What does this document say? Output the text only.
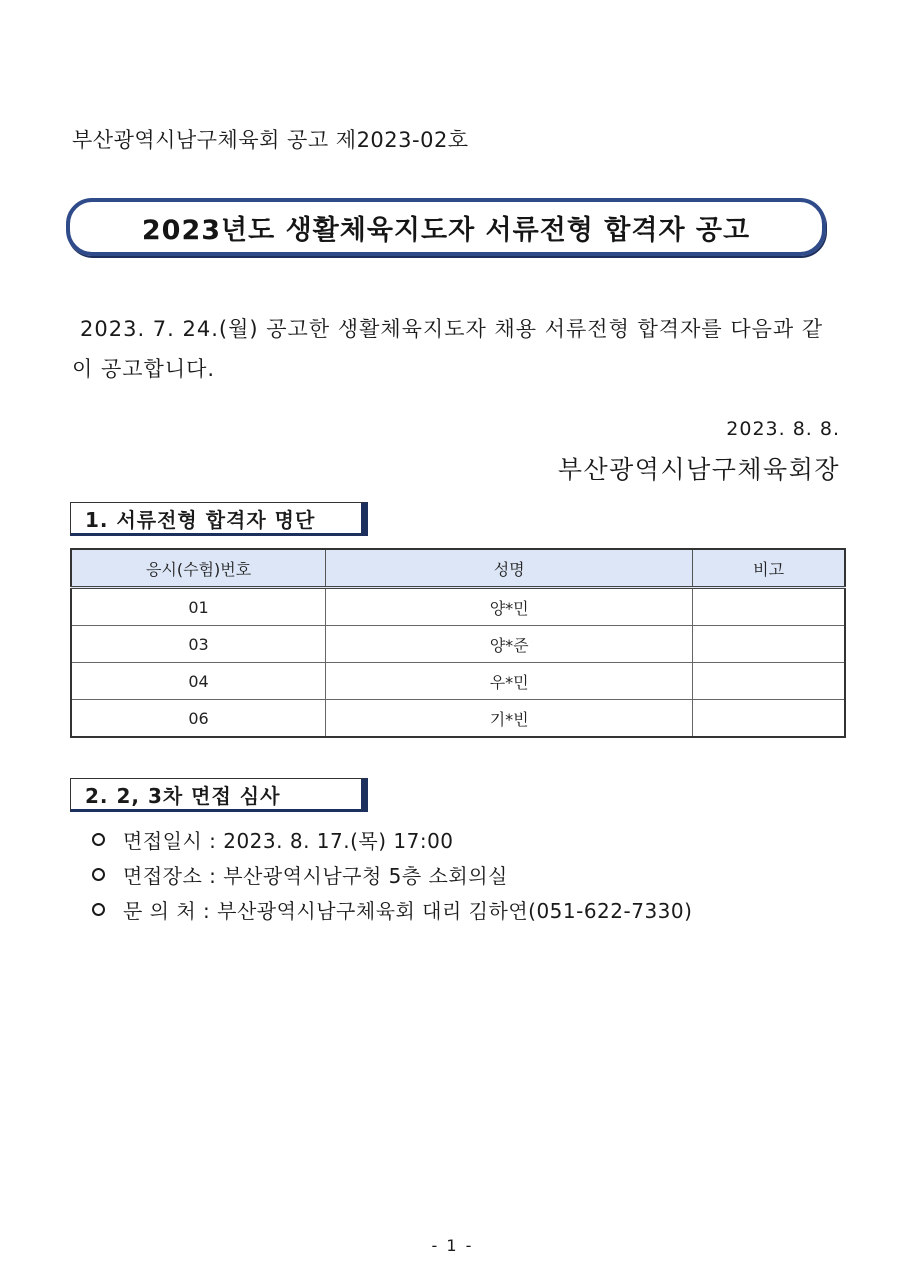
부산광역시남구체육회 공고 제2023-02호
2023년도 생활체육지도자 서류전형 합격자 공고
2023. 7. 24.(월) 공고한 생활체육지도자 채용 서류전형 합격자를 다음과 같이 공고합니다.
2023. 8. 8.
부산광역시남구체육회장
1. 서류전형 합격자 명단
응시(수험)번호	성명	비고
01	양*민	
03	양*준	
04	우*민	
06	기*빈	
2. 2, 3차 면접 심사
면접일시 : 2023. 8. 17.(목) 17:00
면접장소 : 부산광역시남구청 5층 소회의실
문 의 처 : 부산광역시남구체육회 대리 김하연(051-622-7330)
- 1 -
